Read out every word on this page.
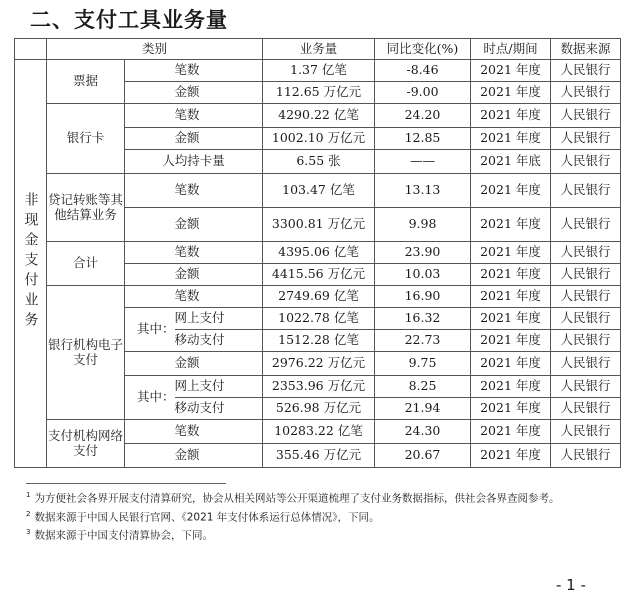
二、支付工具业务量
	类别			业务量	同比变化(%)	时点/期间	数据来源
非现金支付业务	票据		笔数	1.37 亿笔	-8.46	2021 年度	人民银行
			金额	112.65 万亿元	-9.00	2021 年度	人民银行
	银行卡		笔数	4290.22 亿笔	24.20	2021 年度	人民银行
			金额	1002.10 万亿元	12.85	2021 年度	人民银行
		人均持卡量		6.55 张	——	2021 年底	人民银行
	贷记转账等其他结算业务		笔数	103.47 亿笔	13.13	2021 年度	人民银行
			金额	3300.81 万亿元	9.98	2021 年度	人民银行
	合计		笔数	4395.06 亿笔	23.90	2021 年度	人民银行
			金额	4415.56 万亿元	10.03	2021 年度	人民银行
	银行机构电子支付		笔数	2749.69 亿笔	16.90	2021 年度	人民银行
		其中：	网上支付	1022.78 亿笔	16.32	2021 年度	人民银行
			移动支付	1512.28 亿笔	22.73	2021 年度	人民银行
			金额	2976.22 万亿元	9.75	2021 年度	人民银行
		其中：	网上支付	2353.96 万亿元	8.25	2021 年度	人民银行
			移动支付	526.98 万亿元	21.94	2021 年度	人民银行
	支付机构网络支付		笔数	10283.22 亿笔	24.30	2021 年度	人民银行
			金额	355.46 万亿元	20.67	2021 年度	人民银行
$^1$ 为方便社会各界开展支付清算研究，协会从相关网站等公开渠道梳理了支付业务数据指标，供社会各界查阅参考。
$^2$ 数据来源于中国人民银行官网、《2021 年支付体系运行总体情况》，下同。
$^3$ 数据来源于中国支付清算协会，下同。
- 1 -
